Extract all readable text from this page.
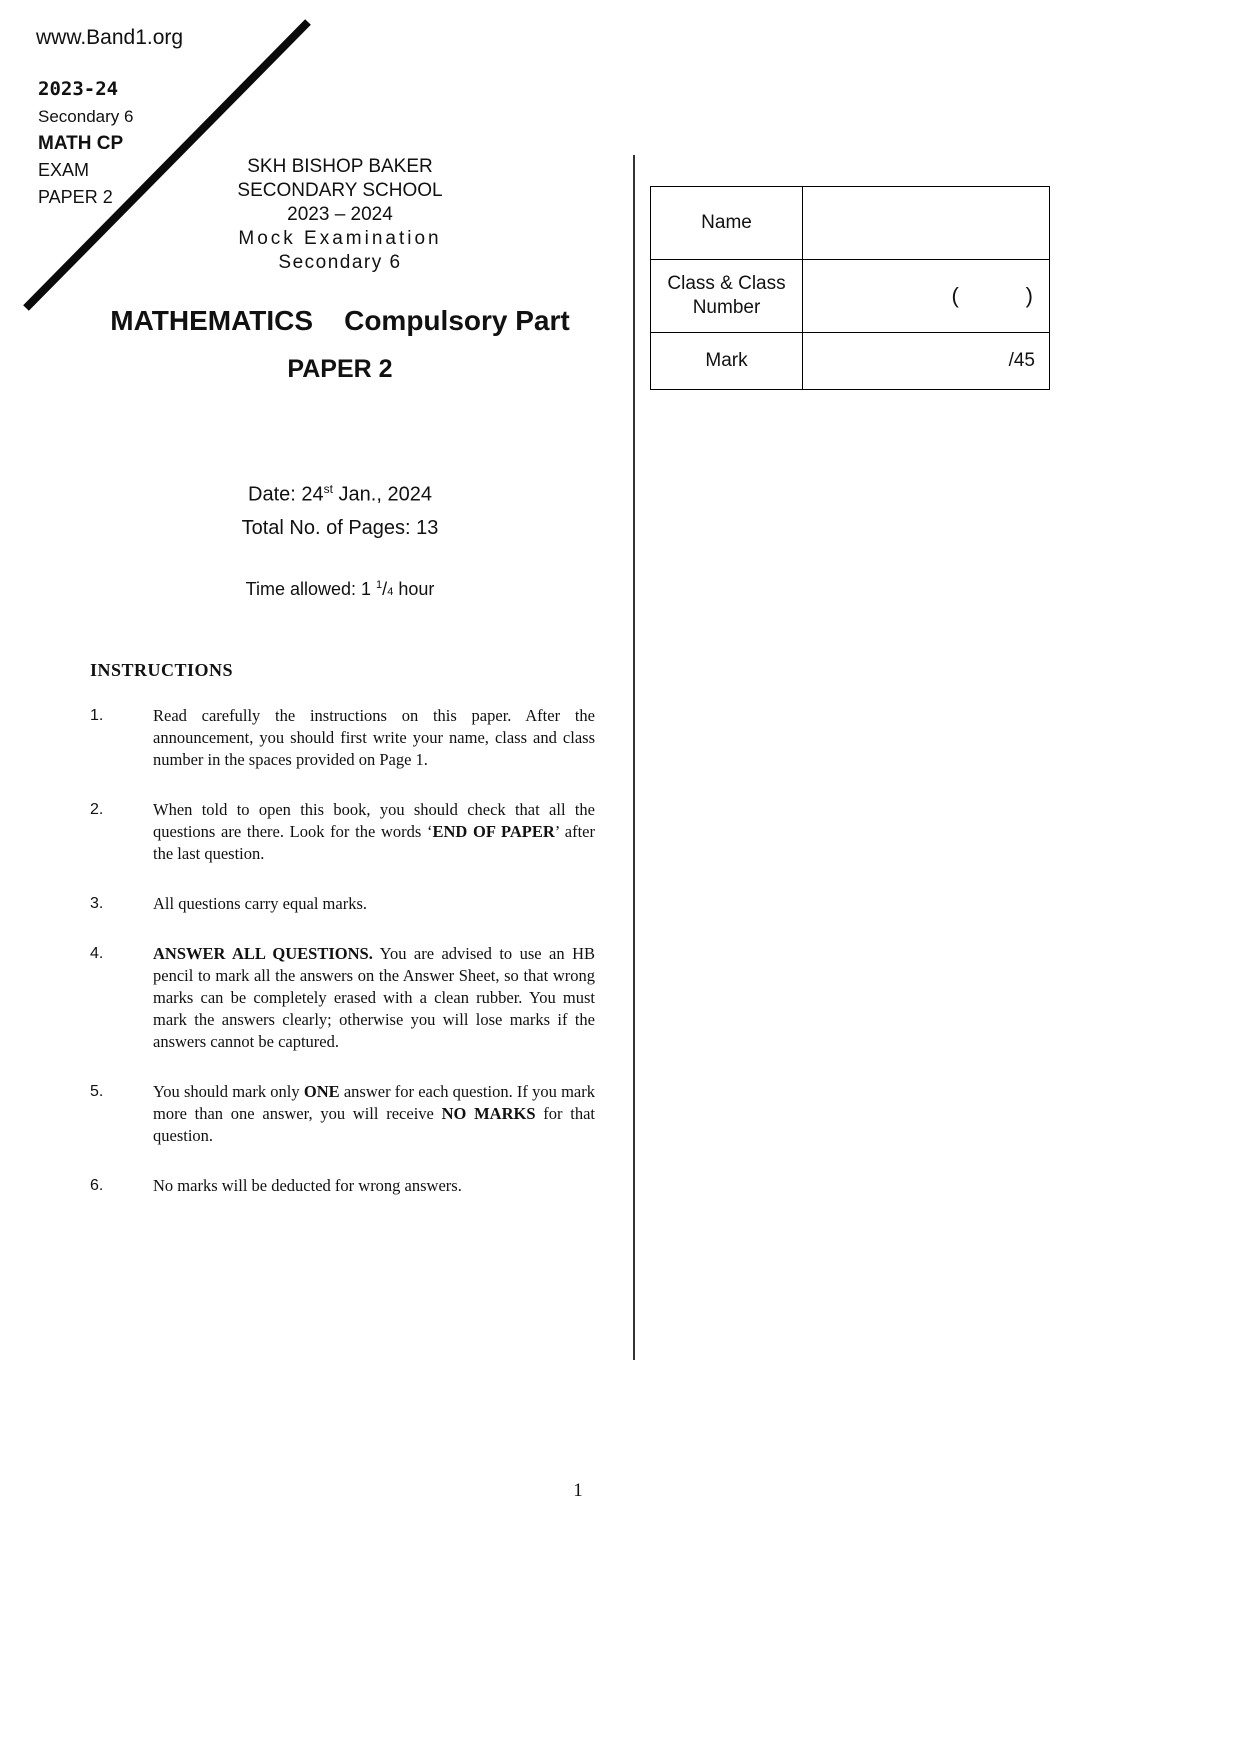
www.Band1.org
2023-24
Secondary 6
MATH CP
EXAM
PAPER 2
SKH BISHOP BAKER
SECONDARY SCHOOL
2023 – 2024
Mock Examination
Secondary 6
MATHEMATICS    Compulsory Part
PAPER 2
Name	
Class & Class Number	(        )
Mark	/45
Date: 24st Jan., 2024
Total No. of Pages: 13
Time allowed: 1 $^1$/4 hour
INSTRUCTIONS
1.	Read carefully the instructions on this paper. After the announcement, you should first write your name, class and class number in the spaces provided on Page 1.
2.	When told to open this book, you should check that all the questions are there. Look for the words ‘END OF PAPER’ after the last question.
3.	All questions carry equal marks.
4.	ANSWER ALL QUESTIONS. You are advised to use an HB pencil to mark all the answers on the Answer Sheet, so that wrong marks can be completely erased with a clean rubber. You must mark the answers clearly; otherwise you will lose marks if the answers cannot be captured.
5.	You should mark only ONE answer for each question. If you mark more than one answer, you will receive NO MARKS for that question.
6.	No marks will be deducted for wrong answers.
1
